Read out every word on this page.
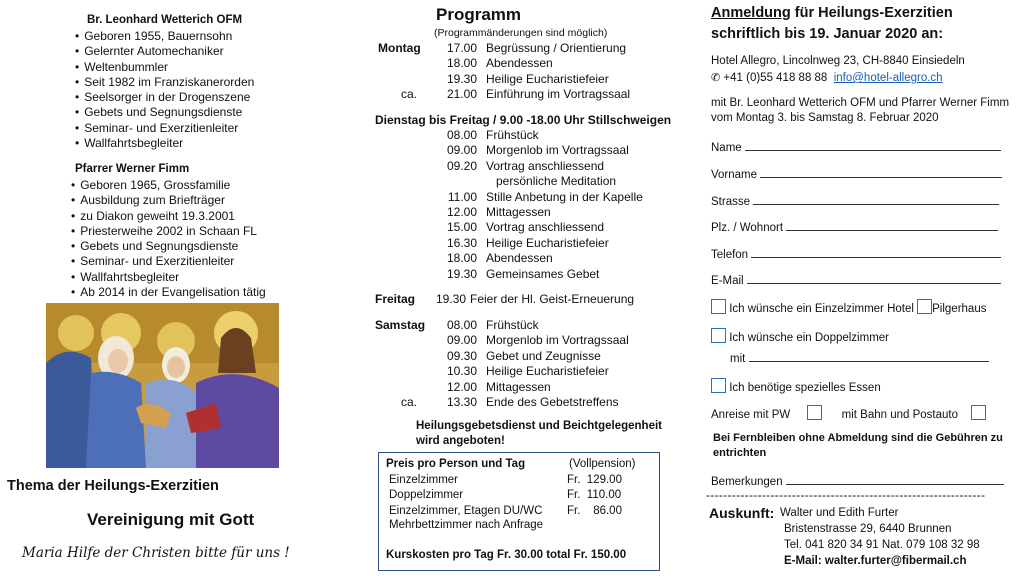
Br. Leonhard Wetterich OFM
• Geboren 1955, Bauernsohn
• Gelernter Automechaniker
• Weltenbummler
• Seit 1982 im Franziskanerorden
• Seelsorger in der Drogenszene
• Gebets und Segnungsdienste
• Seminar- und Exerzitienleiter
• Wallfahrtsbegleiter
Pfarrer Werner Fimm
• Geboren 1965, Grossfamilie
• Ausbildung zum Briefträger
• zu Diakon geweiht 19.3.2001
• Priesterweihe 2002 in Schaan FL
• Gebets und Segnungsdienste
• Seminar- und Exerzitienleiter
• Wallfahrtsbegleiter
• Ab 2014 in der Evangelisation tätig
Thema der Heilungs-Exerzitien
Vereinigung mit Gott
Maria Hilfe der Christen bitte für uns !
Programm
(Programmänderungen sind möglich)
Montag	17.00 Begrüssung / Orientierung
18.00 Abendessen
19.30 Heilige Eucharistiefeier
ca.	21.00 Einführung im Vortragssaal
Dienstag bis Freitag / 9.00 -18.00 Uhr Stillschweigen
08.00 Frühstück
09.00 Morgenlob im Vortragssaal
09.20 Vortrag anschliessend
persönliche Meditation
11.00 Stille Anbetung in der Kapelle
12.00 Mittagessen
15.00 Vortrag anschliessend
16.30 Heilige Eucharistiefeier
18.00 Abendessen
19.30 Gemeinsames Gebet
Freitag 19.30 Feier der Hl. Geist-Erneuerung
Samstag	08.00 Frühstück
09.00 Morgenlob im Vortragssaal
09.30 Gebet und Zeugnisse
10.30 Heilige Eucharistiefeier
12.00 Mittagessen
ca.	13.30 Ende des Gebetstreffens
Heilungsgebetsdienst und Beichtgelegenheit
wird angeboten!
Preis pro Person und Tag	(Vollpension)
Einzelzimmer	Fr.  129.00
Doppelzimmer	Fr.  110.00
Einzelzimmer, Etagen DU/WC Fr.    86.00
Mehrbettzimmer nach Anfrage
Kurskosten pro Tag Fr. 30.00 total Fr. 150.00
Anmeldung für Heilungs-Exerzitien
schriftlich bis 19. Januar 2020 an:
Hotel Allegro, Lincolnweg 23, CH-8840 Einsiedeln
✆ +41 (0)55 418 88 88 info@hotel-allegro.ch
mit Br. Leonhard Wetterich OFM und Pfarrer Werner Fimm
vom Montag 3. bis Samstag 8. Februar 2020
Name
Vorname
Strasse
Plz. / Wohnort
Telefon
E-Mail
Ich wünsche ein Einzelzimmer Hotel Pilgerhaus
Ich wünsche ein Doppelzimmer
mit
Ich benötige spezielles Essen
Anreise mit PW	mit Bahn und Postauto
Bei Fernbleiben ohne Abmeldung sind die Gebühren zu
entrichten
Bemerkungen
-----------------------------------------------------------------
Auskunft: Walter und Edith Furter
Bristenstrasse 29, 6440 Brunnen
Tel. 041 820 34 91 Nat. 079 108 32 98
E-Mail: walter.furter@fibermail.ch
